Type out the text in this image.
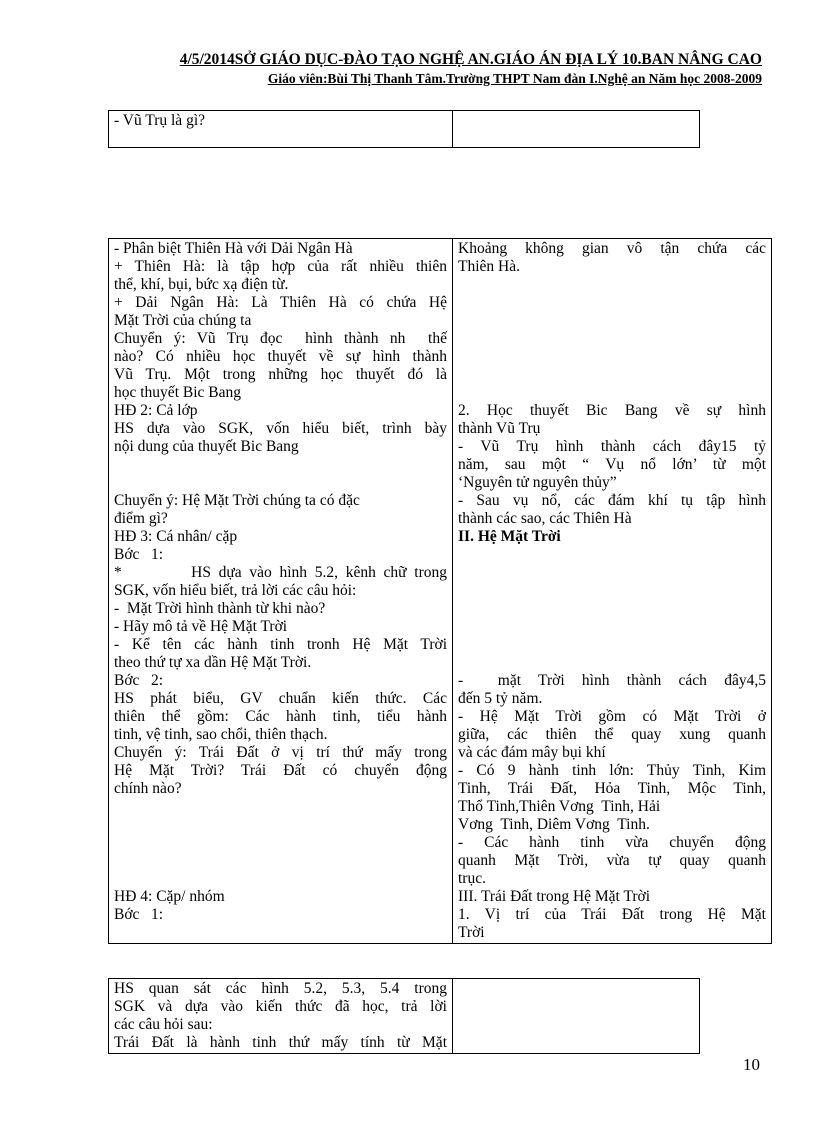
4/5/2014SỞ GIÁO DỤC-ĐÀO TẠO NGHỆ AN.GIÁO ÁN ĐỊA LÝ 10.BAN NÂNG CAO
Giáo viên:Bùi Thị Thanh Tâm.Trường THPT Nam đàn I.Nghệ an Năm học 2008-2009
- Vũ Trụ là gì?
- Phân biệt Thiên Hà với Dải Ngân Hà
+ Thiên Hà: là tập hợp của rất nhiều thiên
thể, khí, bụi, bức xạ điện từ.
+ Dải Ngân Hà: Là Thiên Hà có chứa Hệ
Mặt Trời của chúng ta
Chuyển ý: Vũ Trụ đọc  hình thành nh  thế
nào? Có nhiều học thuyết về sự hình thành
Vũ Trụ. Một trong những học thuyết đó là
học thuyết Bic Bang
HĐ 2: Cả lớp
HS dựa vào SGK, vốn hiểu biết, trình bày
nội dung của thuyết Bic Bang
Chuyển ý: Hệ Mặt Trời chúng ta có đặc
điểm gì?
HĐ 3: Cá nhân/ cặp
Bớc   1:
*         HS dựa vào hình 5.2, kênh chữ trong
SGK, vốn hiểu biết, trả lời các câu hỏi:
-  Mặt Trời hình thành từ khi nào?
- Hãy mô tả về Hệ Mặt Trời
- Kể tên các hành tinh tronh Hệ Mặt Trời
theo thứ tự xa dần Hệ Mặt Trời.
Bớc   2:
HS phát biểu, GV chuẩn kiến thức. Các
thiên thể gồm: Các hành tinh, tiểu hành
tinh, vệ tinh, sao chổi, thiên thạch.
Chuyển ý: Trái Đất ở vị trí thứ mấy trong
Hệ Mặt Trời? Trái Đất có chuyển động
chính nào?
HĐ 4: Cặp/ nhóm
Bớc   1:
Khoảng không gian vô tận chứa các
Thiên Hà.
2. Học thuyết Bic Bang về sự hình
thành Vũ Trụ
- Vũ Trụ hình thành cách đây15 tỷ
năm, sau một “ Vụ nổ lớn’ từ một
‘Nguyên tử nguyên thủy”
- Sau vụ nổ, các đám khí tụ tập hình
thành các sao, các Thiên Hà
II. Hệ Mặt Trời
-  mặt Trời hình thành cách đây4,5
đến 5 tỷ năm.
- Hệ Mặt Trời gồm có Mặt Trời ở
giữa, các thiên thể quay xung quanh
và các đám mây bụi khí
- Có 9 hành tinh lớn: Thủy Tinh, Kim
Tinh, Trái Đất, Hỏa Tinh, Mộc Tinh,
Thổ Tinh,Thiên Vơng  Tinh, Hải
Vơng  Tinh, Diêm Vơng  Tinh.
- Các hành tinh vừa chuyển động
quanh Mặt Trời, vừa tự quay quanh
trục.
III. Trái Đất trong Hệ Mặt Trời
1. Vị trí của Trái Đất trong Hệ Mặt
Trời
HS quan sát các hình 5.2, 5.3, 5.4 trong
SGK và dựa vào kiến thức đã học, trả lời
các câu hỏi sau:
Trái Đất là hành tinh thứ mấy tính từ Mặt
10
